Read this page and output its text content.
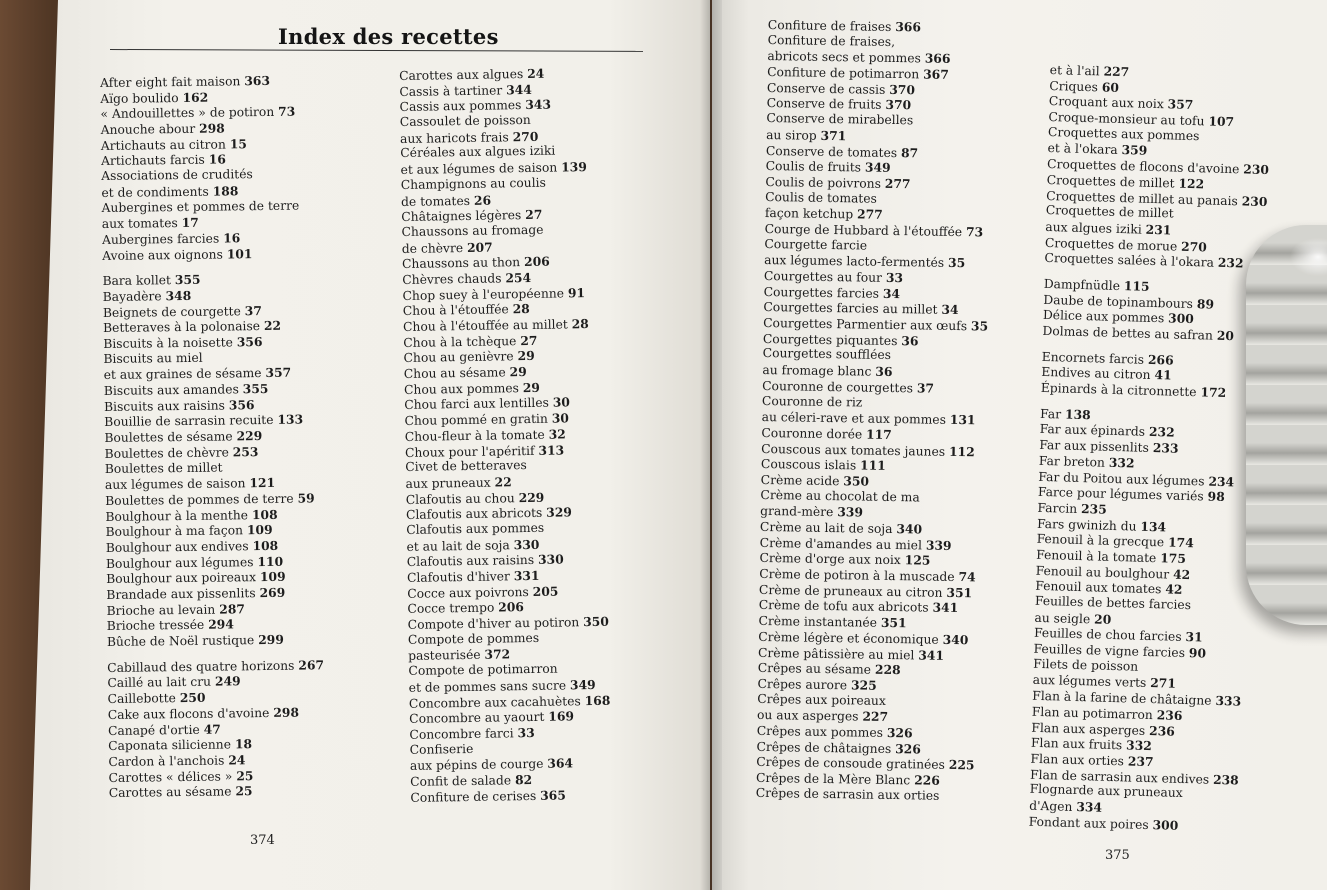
Index des recettes
After eight fait maison 363
Aïgo boulido 162
« Andouillettes » de potiron 73
Anouche abour 298
Artichauts au citron 15
Artichauts farcis 16
Associations de crudités
et de condiments 188
Aubergines et pommes de terre
aux tomates 17
Aubergines farcies 16
Avoine aux oignons 101
Bara kollet 355
Bayadère 348
Beignets de courgette 37
Betteraves à la polonaise 22
Biscuits à la noisette 356
Biscuits au miel
et aux graines de sésame 357
Biscuits aux amandes 355
Biscuits aux raisins 356
Bouillie de sarrasin recuite 133
Boulettes de sésame 229
Boulettes de chèvre 253
Boulettes de millet
aux légumes de saison 121
Boulettes de pommes de terre 59
Boulghour à la menthe 108
Boulghour à ma façon 109
Boulghour aux endives 108
Boulghour aux légumes 110
Boulghour aux poireaux 109
Brandade aux pissenlits 269
Brioche au levain 287
Brioche tressée 294
Bûche de Noël rustique 299
Cabillaud des quatre horizons 267
Caillé au lait cru 249
Caillebotte 250
Cake aux flocons d'avoine 298
Canapé d'ortie 47
Caponata silicienne 18
Cardon à l'anchois 24
Carottes « délices » 25
Carottes au sésame 25
Carottes aux algues 24
Cassis à tartiner 344
Cassis aux pommes 343
Cassoulet de poisson
aux haricots frais 270
Céréales aux algues iziki
et aux légumes de saison 139
Champignons au coulis
de tomates 26
Châtaignes légères 27
Chaussons au fromage
de chèvre 207
Chaussons au thon 206
Chèvres chauds 254
Chop suey à l'européenne 91
Chou à l'étouffée 28
Chou à l'étouffée au millet 28
Chou à la tchèque 27
Chou au genièvre 29
Chou au sésame 29
Chou aux pommes 29
Chou farci aux lentilles 30
Chou pommé en gratin 30
Chou-fleur à la tomate 32
Choux pour l'apéritif 313
Civet de betteraves
aux pruneaux 22
Clafoutis au chou 229
Clafoutis aux abricots 329
Clafoutis aux pommes
et au lait de soja 330
Clafoutis aux raisins 330
Clafoutis d'hiver 331
Cocce aux poivrons 205
Cocce trempo 206
Compote d'hiver au potiron 350
Compote de pommes
pasteurisée 372
Compote de potimarron
et de pommes sans sucre 349
Concombre aux cacahuètes 168
Concombre au yaourt 169
Concombre farci 33
Confiserie
aux pépins de courge 364
Confit de salade 82
Confiture de cerises 365
Confiture de fraises 366
Confiture de fraises,
abricots secs et pommes 366
Confiture de potimarron 367
Conserve de cassis 370
Conserve de fruits 370
Conserve de mirabelles
au sirop 371
Conserve de tomates 87
Coulis de fruits 349
Coulis de poivrons 277
Coulis de tomates
façon ketchup 277
Courge de Hubbard à l'étouffée 73
Courgette farcie
aux légumes lacto-fermentés 35
Courgettes au four 33
Courgettes farcies 34
Courgettes farcies au millet 34
Courgettes Parmentier aux œufs 35
Courgettes piquantes 36
Courgettes soufflées
au fromage blanc 36
Couronne de courgettes 37
Couronne de riz
au céleri-rave et aux pommes 131
Couronne dorée 117
Couscous aux tomates jaunes 112
Couscous islais 111
Crème acide 350
Crème au chocolat de ma
grand-mère 339
Crème au lait de soja 340
Crème d'amandes au miel 339
Crème d'orge aux noix 125
Crème de potiron à la muscade 74
Crème de pruneaux au citron 351
Crème de tofu aux abricots 341
Crème instantanée 351
Crème légère et économique 340
Crème pâtissière au miel 341
Crêpes au sésame 228
Crêpes aurore 325
Crêpes aux poireaux
ou aux asperges 227
Crêpes aux pommes 326
Crêpes de châtaignes 326
Crêpes de consoude gratinées 225
Crêpes de la Mère Blanc 226
Crêpes de sarrasin aux orties
et à l'ail 227
Criques 60
Croquant aux noix 357
Croque-monsieur au tofu 107
Croquettes aux pommes
et à l'okara 359
Croquettes de flocons d'avoine 230
Croquettes de millet 122
Croquettes de millet au panais 230
Croquettes de millet
aux algues iziki 231
Croquettes de morue 270
Croquettes salées à l'okara 232
Dampfnüdle 115
Daube de topinambours 89
Délice aux pommes 300
Dolmas de bettes au safran 20
Encornets farcis 266
Endives au citron 41
Épinards à la citronnette 172
Far 138
Far aux épinards 232
Far aux pissenlits 233
Far breton 332
Far du Poitou aux légumes 234
Farce pour légumes variés 98
Farcin 235
Fars gwinizh du 134
Fenouil à la grecque 174
Fenouil à la tomate 175
Fenouil au boulghour 42
Fenouil aux tomates 42
Feuilles de bettes farcies
au seigle 20
Feuilles de chou farcies 31
Feuilles de vigne farcies 90
Filets de poisson
aux légumes verts 271
Flan à la farine de châtaigne 333
Flan au potimarron 236
Flan aux asperges 236
Flan aux fruits 332
Flan aux orties 237
Flan de sarrasin aux endives 238
Flognarde aux pruneaux
d'Agen 334
Fondant aux poires 300
374
375
